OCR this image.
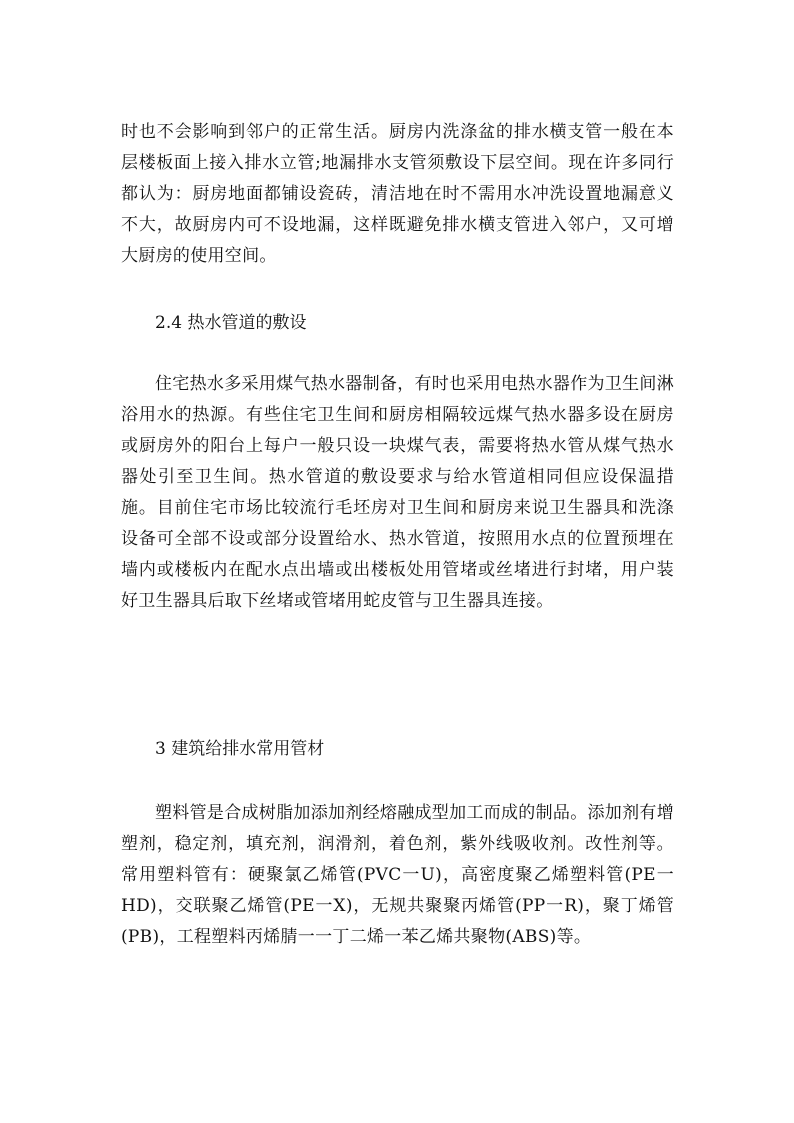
时也不会影响到邻户的正常生活。厨房内洗涤盆的排水横支管一般在本层楼板面上接入排水立管;地漏排水支管须敷设下层空间。现在许多同行都认为：厨房地面都铺设瓷砖，清洁地在时不需用水冲洗设置地漏意义不大，故厨房内可不设地漏，这样既避免排水横支管进入邻户，又可增大厨房的使用空间。

2.4 热水管道的敷设

住宅热水多采用煤气热水器制备，有时也采用电热水器作为卫生间淋浴用水的热源。有些住宅卫生间和厨房相隔较远煤气热水器多设在厨房或厨房外的阳台上每户一般只设一块煤气表，需要将热水管从煤气热水器处引至卫生间。热水管道的敷设要求与给水管道相同但应设保温措施。目前住宅市场比较流行毛坯房对卫生间和厨房来说卫生器具和洗涤设备可全部不设或部分设置给水、热水管道，按照用水点的位置预埋在墙内或楼板内在配水点出墙或出楼板处用管堵或丝堵进行封堵，用户装好卫生器具后取下丝堵或管堵用蛇皮管与卫生器具连接。

3 建筑给排水常用管材

塑料管是合成树脂加添加剂经熔融成型加工而成的制品。添加剂有增塑剂，稳定剂，填充剂，润滑剂，着色剂，紫外线吸收剂。改性剂等。常用塑料管有：硬聚氯乙烯管(PVC一U)，高密度聚乙烯塑料管(PE一HD)，交联聚乙烯管(PE一X)，无规共聚聚丙烯管(PP一R)，聚丁烯管(PB)，工程塑料丙烯腈一一丁二烯一苯乙烯共聚物(ABS)等。
